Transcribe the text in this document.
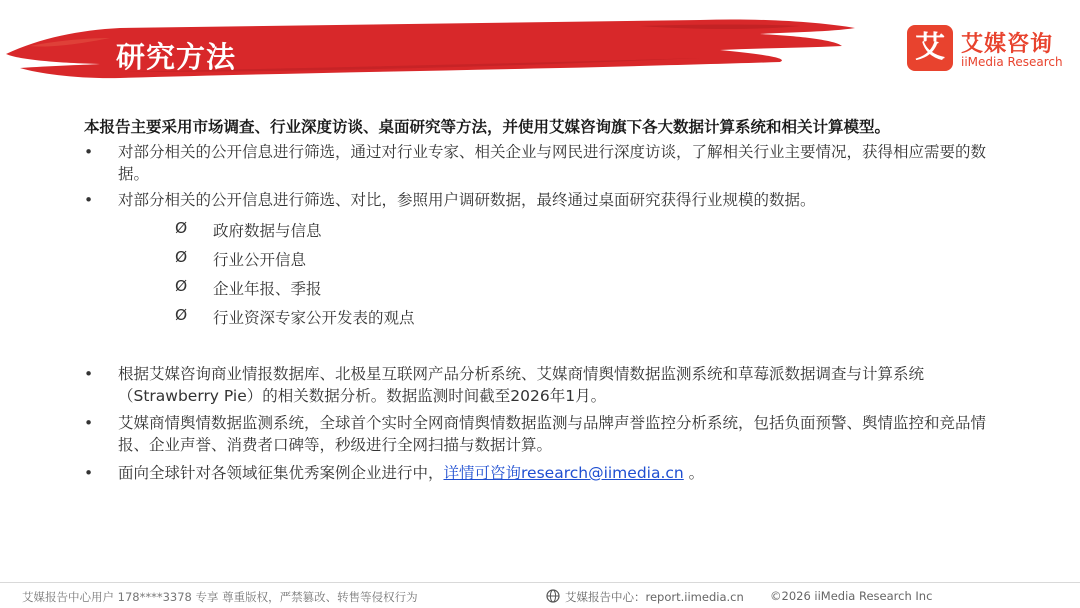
研究方法	艾 艾媒咨询
iiMedia Research
本报告主要采用市场调查、行业深度访谈、桌面研究等方法，并使用艾媒咨询旗下各大数据计算系统和相关计算模型。
•	对部分相关的公开信息进行筛选，通过对行业专家、相关企业与网民进行深度访谈，了解相关行业主要情况，获得相应需要的数据。
•	对部分相关的公开信息进行筛选、对比，参照用户调研数据，最终通过桌面研究获得行业规模的数据。
Ø	政府数据与信息
Ø	行业公开信息
Ø	企业年报、季报
Ø	行业资深专家公开发表的观点
•	根据艾媒咨询商业情报数据库、北极星互联网产品分析系统、艾媒商情舆情数据监测系统和草莓派数据调查与计算系统（Strawberry Pie）的相关数据分析。数据监测时间截至2026年1月。
•	艾媒商情舆情数据监测系统，全球首个实时全网商情舆情数据监测与品牌声誉监控分析系统，包括负面预警、舆情监控和竞品情报、企业声誉、消费者口碑等，秒级进行全网扫描与数据计算。
•	面向全球针对各领域征集优秀案例企业进行中，详情可咨询research@iimedia.cn 。
艾媒报告中心用户 178****3378 专享 尊重版权，严禁篡改、转售等侵权行为	艾媒报告中心：report.iimedia.cn ©2026 iiMedia Research Inc
